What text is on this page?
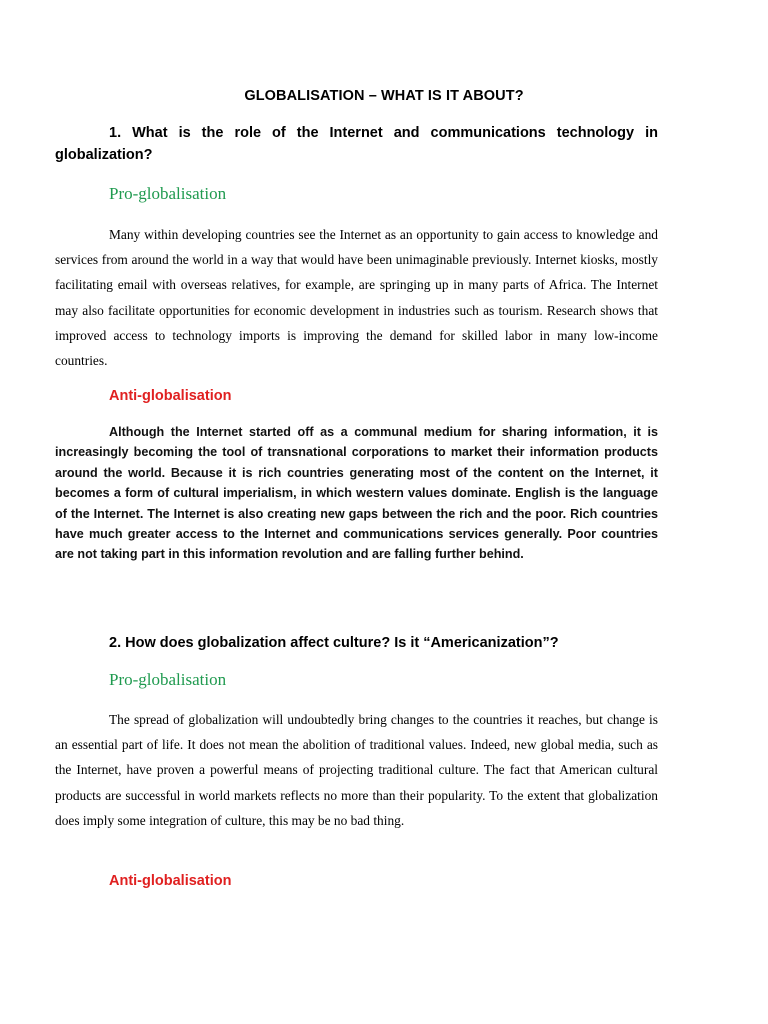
GLOBALISATION – WHAT IS IT ABOUT?
1. What is the role of the Internet and communications technology in globalization?
Pro-globalisation

Many within developing countries see the Internet as an opportunity to gain access to knowledge and services from around the world in a way that would have been unimaginable previously. Internet kiosks, mostly facilitating email with overseas relatives, for example, are springing up in many parts of Africa. The Internet may also facilitate opportunities for economic development in industries such as tourism. Research shows that improved access to technology imports is improving the demand for skilled labor in many low-income countries.

Anti-globalisation

Although the Internet started off as a communal medium for sharing information, it is increasingly becoming the tool of transnational corporations to market their information products around the world. Because it is rich countries generating most of the content on the Internet, it becomes a form of cultural imperialism, in which western values dominate. English is the language of the Internet. The Internet is also creating new gaps between the rich and the poor. Rich countries have much greater access to the Internet and communications services generally. Poor countries are not taking part in this information revolution and are falling further behind.

2. How does globalization affect culture? Is it “Americanization”?
Pro-globalisation

The spread of globalization will undoubtedly bring changes to the countries it reaches, but change is an essential part of life. It does not mean the abolition of traditional values. Indeed, new global media, such as the Internet, have proven a powerful means of projecting traditional culture. The fact that American cultural products are successful in world markets reflects no more than their popularity. To the extent that globalization does imply some integration of culture, this may be no bad thing.

Anti-globalisation
